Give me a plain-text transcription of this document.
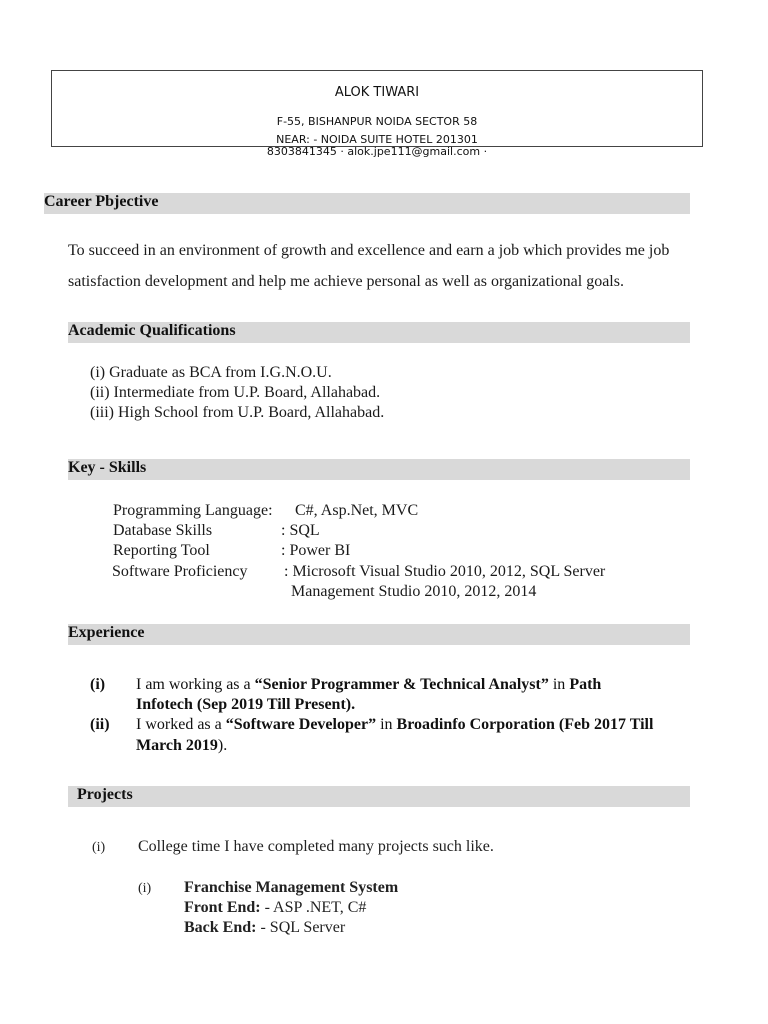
ALOK TIWARI
F-55, BISHANPUR NOIDA SECTOR 58
NEAR: - NOIDA SUITE HOTEL 201301
8303841345 · alok.jpe111@gmail.com ·
Career Pbjective
To succeed in an environment of growth and excellence and earn a job which provides me job
satisfaction development and help me achieve personal as well as organizational goals.
Academic Qualifications
(i) Graduate as BCA from I.G.N.O.U.
(ii) Intermediate from U.P. Board, Allahabad.
(iii) High School from U.P. Board, Allahabad.
Key - Skills
Programming Language: C#, Asp.Net, MVC
Database Skills	: SQL
Reporting Tool	: Power BI
Software Proficiency : Microsoft Visual Studio 2010, 2012, SQL Server
Management Studio 2010, 2012, 2014
Experience
(i) I am working as a “Senior Programmer & Technical Analyst” in Path
Infotech (Sep 2019 Till Present).
(ii) I worked as a “Software Developer” in Broadinfo Corporation (Feb 2017 Till
March 2019).
Projects
(i) College time I have completed many projects such like.
(i) Franchise Management System
Front End: - ASP .NET, C#
Back End: - SQL Server
